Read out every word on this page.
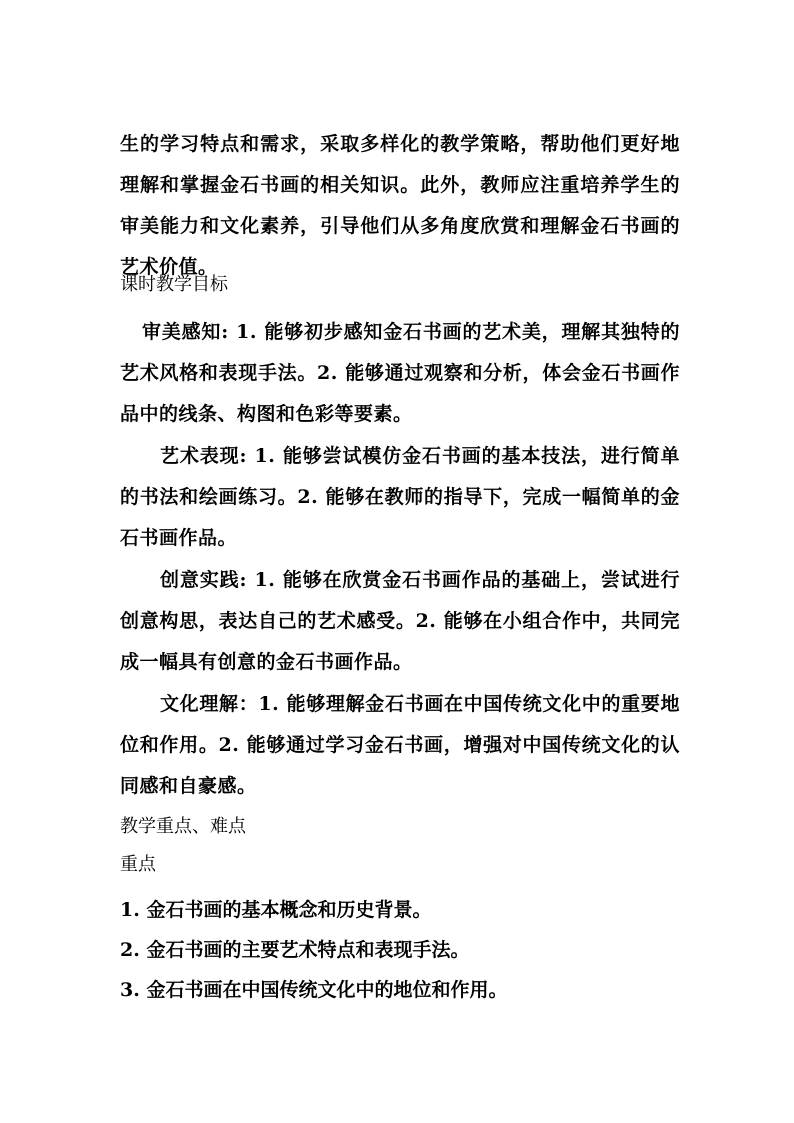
生的学习特点和需求，采取多样化的教学策略，帮助他们更好地理解和掌握金石书画的相关知识。此外，教师应注重培养学生的审美能力和文化素养，引导他们从多角度欣赏和理解金石书画的艺术价值。

课时教学目标

审美感知: 1. 能够初步感知金石书画的艺术美，理解其独特的艺术风格和表现手法。2. 能够通过观察和分析，体会金石书画作品中的线条、构图和色彩等要素。

艺术表现: 1. 能够尝试模仿金石书画的基本技法，进行简单的书法和绘画练习。2. 能够在教师的指导下，完成一幅简单的金石书画作品。

创意实践: 1. 能够在欣赏金石书画作品的基础上，尝试进行创意构思，表达自己的艺术感受。2. 能够在小组合作中，共同完成一幅具有创意的金石书画作品。

文化理解：1. 能够理解金石书画在中国传统文化中的重要地位和作用。2. 能够通过学习金石书画，增强对中国传统文化的认同感和自豪感。

教学重点、难点

重点

1. 金石书画的基本概念和历史背景。

2. 金石书画的主要艺术特点和表现手法。

3. 金石书画在中国传统文化中的地位和作用。
